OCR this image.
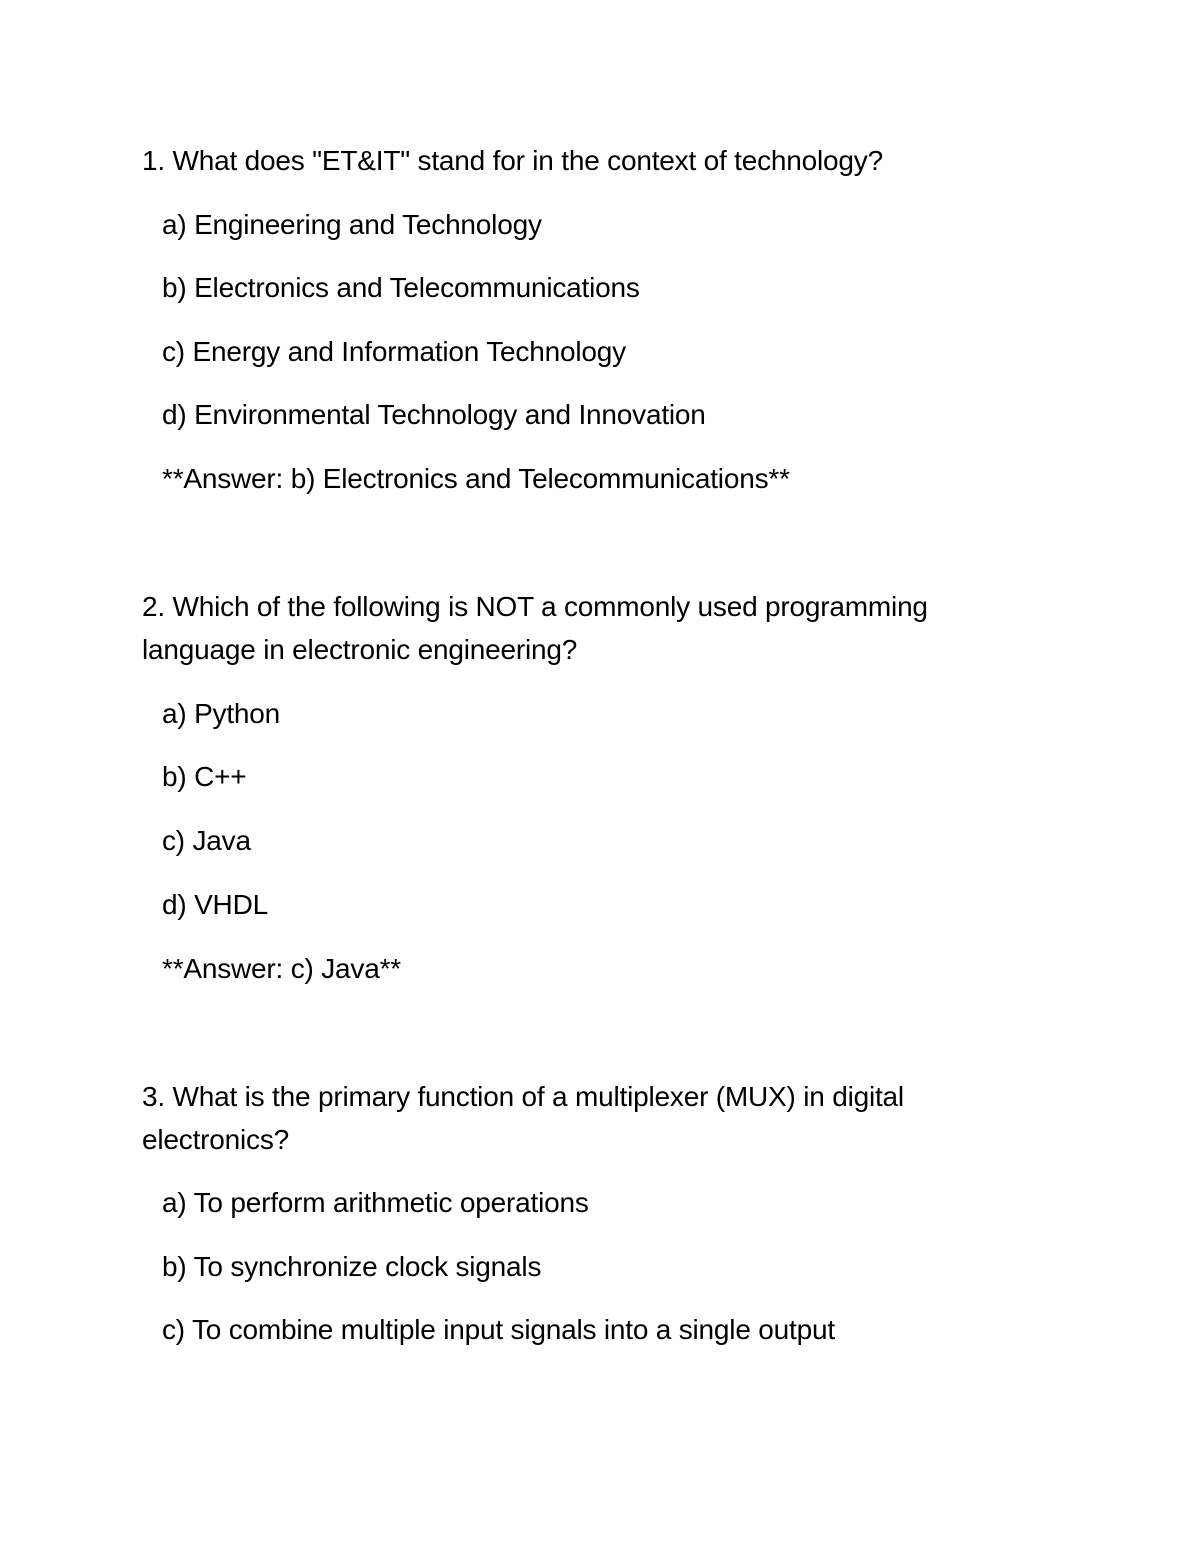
1. What does "ET&IT" stand for in the context of technology?
a) Engineering and Technology
b) Electronics and Telecommunications
c) Energy and Information Technology
d) Environmental Technology and Innovation
**Answer: b) Electronics and Telecommunications**
2. Which of the following is NOT a commonly used programming
language in electronic engineering?
a) Python
b) C++
c) Java
d) VHDL
**Answer: c) Java**
3. What is the primary function of a multiplexer (MUX) in digital
electronics?
a) To perform arithmetic operations
b) To synchronize clock signals
c) To combine multiple input signals into a single output
